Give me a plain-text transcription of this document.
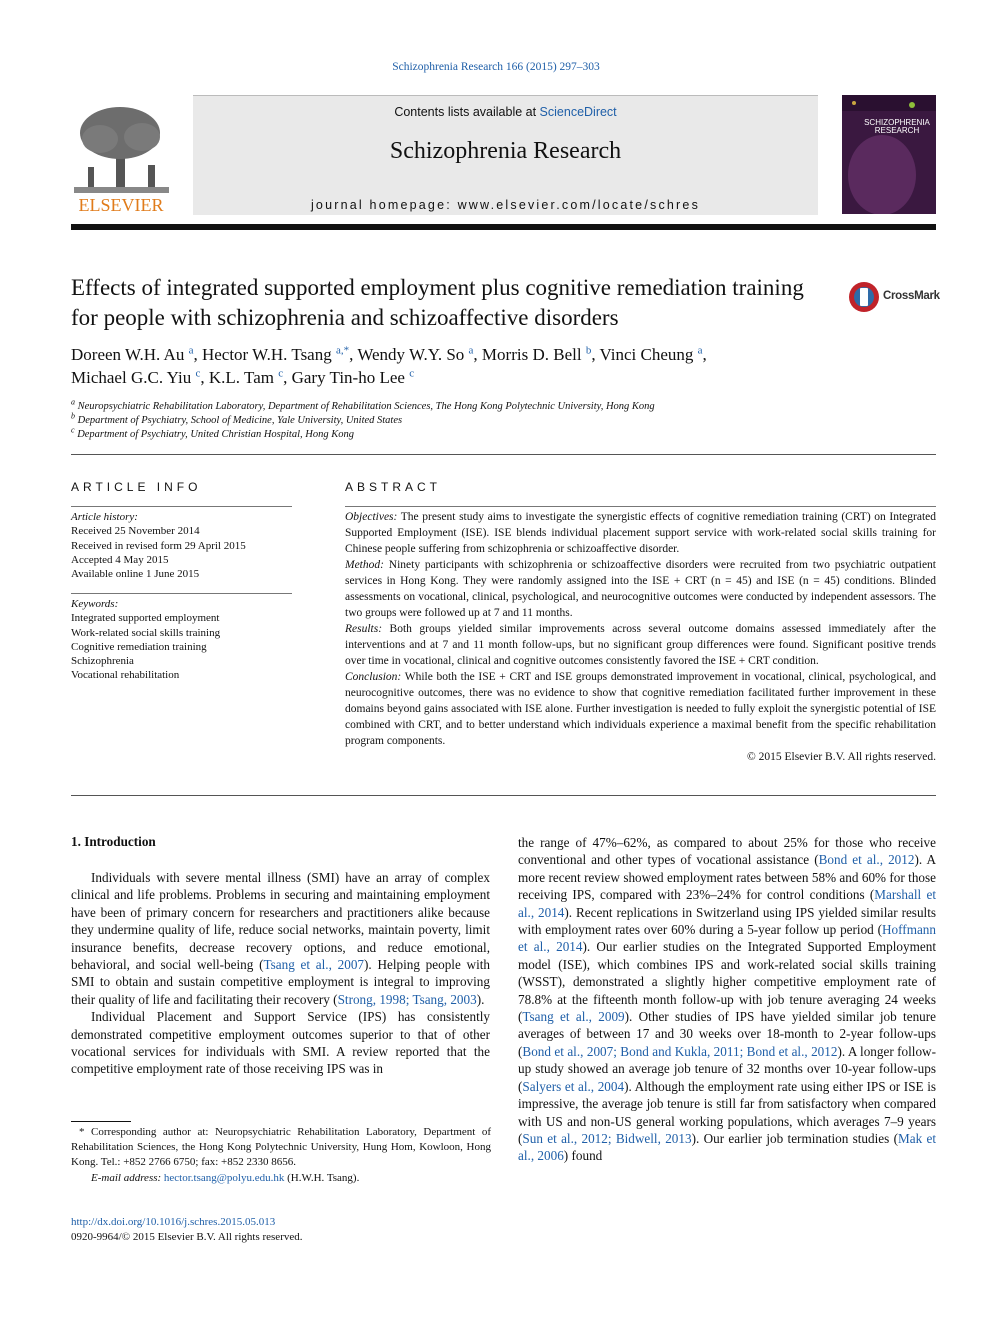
Schizophrenia Research 166 (2015) 297–303
ELSEVIER
Contents lists available at ScienceDirect
Schizophrenia Research
journal homepage: www.elsevier.com/locate/schres
SCHIZOPHRENIA RESEARCH
Effects of integrated supported employment plus cognitive remediation training for people with schizophrenia and schizoaffective disorders
CrossMark
Doreen W.H. Au $^a$, Hector W.H. Tsang $^{a,*}$, Wendy W.Y. So $^a$, Morris D. Bell $^b$, Vinci Cheung $^a$,
Michael G.C. Yiu $^c$, K.L. Tam $^c$, Gary Tin-ho Lee $^c$
$^a$ Neuropsychiatric Rehabilitation Laboratory, Department of Rehabilitation Sciences, The Hong Kong Polytechnic University, Hong Kong
$^b$ Department of Psychiatry, School of Medicine, Yale University, United States
$^c$ Department of Psychiatry, United Christian Hospital, Hong Kong
ARTICLE INFO
Article history:
Received 25 November 2014
Received in revised form 29 April 2015
Accepted 4 May 2015
Available online 1 June 2015
Keywords:
Integrated supported employment
Work-related social skills training
Cognitive remediation training
Schizophrenia
Vocational rehabilitation
ABSTRACT

Objectives: The present study aims to investigate the synergistic effects of cognitive remediation training (CRT) on Integrated Supported Employment (ISE). ISE blends individual placement support service with work-related social skills training for Chinese people suffering from schizophrenia or schizoaffective disorder.

Method: Ninety participants with schizophrenia or schizoaffective disorders were recruited from two psychiatric outpatient services in Hong Kong. They were randomly assigned into the ISE + CRT (n = 45) and ISE (n = 45) conditions. Blinded assessments on vocational, clinical, psychological, and neurocognitive outcomes were conducted by independent assessors. The two groups were followed up at 7 and 11 months.

Results: Both groups yielded similar improvements across several outcome domains assessed immediately after the interventions and at 7 and 11 month follow-ups, but no significant group differences were found. Significant positive trends over time in vocational, clinical and cognitive outcomes consistently favored the ISE + CRT condition.

Conclusion: While both the ISE + CRT and ISE groups demonstrated improvement in vocational, clinical, psychological, and neurocognitive outcomes, there was no evidence to show that cognitive remediation facilitated further improvement in these domains beyond gains associated with ISE alone. Further investigation is needed to fully exploit the synergistic potential of ISE combined with CRT, and to better understand which individuals experience a maximal benefit from the specific rehabilitation program components.

© 2015 Elsevier B.V. All rights reserved.

1. Introduction

Individuals with severe mental illness (SMI) have an array of complex clinical and life problems. Problems in securing and maintaining employment have been of primary concern for researchers and practitioners alike because they undermine quality of life, reduce social networks, maintain poverty, limit insurance benefits, decrease recovery options, and reduce emotional, behavioral, and social well-being (Tsang et al., 2007). Helping people with SMI to obtain and sustain competitive employment is integral to improving their quality of life and facilitating their recovery (Strong, 1998; Tsang, 2003).

Individual Placement and Support Service (IPS) has consistently demonstrated competitive employment outcomes superior to that of other vocational services for individuals with SMI. A review reported that the competitive employment rate of those receiving IPS was in

the range of 47%–62%, as compared to about 25% for those who receive conventional and other types of vocational assistance (Bond et al., 2012). A more recent review showed employment rates between 58% and 60% for those receiving IPS, compared with 23%–24% for control conditions (Marshall et al., 2014). Recent replications in Switzerland using IPS yielded similar results with employment rates over 60% during a 5-year follow up period (Hoffmann et al., 2014). Our earlier studies on the Integrated Supported Employment model (ISE), which combines IPS and work-related social skills training (WSST), demonstrated a slightly higher competitive employment rate of 78.8% at the fifteenth month follow-up with job tenure averaging 24 weeks (Tsang et al., 2009). Other studies of IPS have yielded similar job tenure averages of between 17 and 30 weeks over 18-month to 2-year follow-ups (Bond et al., 2007; Bond and Kukla, 2011; Bond et al., 2012). A longer follow-up study showed an average job tenure of 32 months over 10-year follow-ups (Salyers et al., 2004). Although the employment rate using either IPS or ISE is impressive, the average job tenure is still far from satisfactory when compared with US and non-US general working populations, which averages 7–9 years (Sun et al., 2012; Bidwell, 2013). Our earlier job termination studies (Mak et al., 2006) found

* Corresponding author at: Neuropsychiatric Rehabilitation Laboratory, Department of Rehabilitation Sciences, the Hong Kong Polytechnic University, Hung Hom, Kowloon, Hong Kong. Tel.: +852 2766 6750; fax: +852 2330 8656.

E-mail address: hector.tsang@polyu.edu.hk (H.W.H. Tsang).

http://dx.doi.org/10.1016/j.schres.2015.05.013
0920-9964/© 2015 Elsevier B.V. All rights reserved.
